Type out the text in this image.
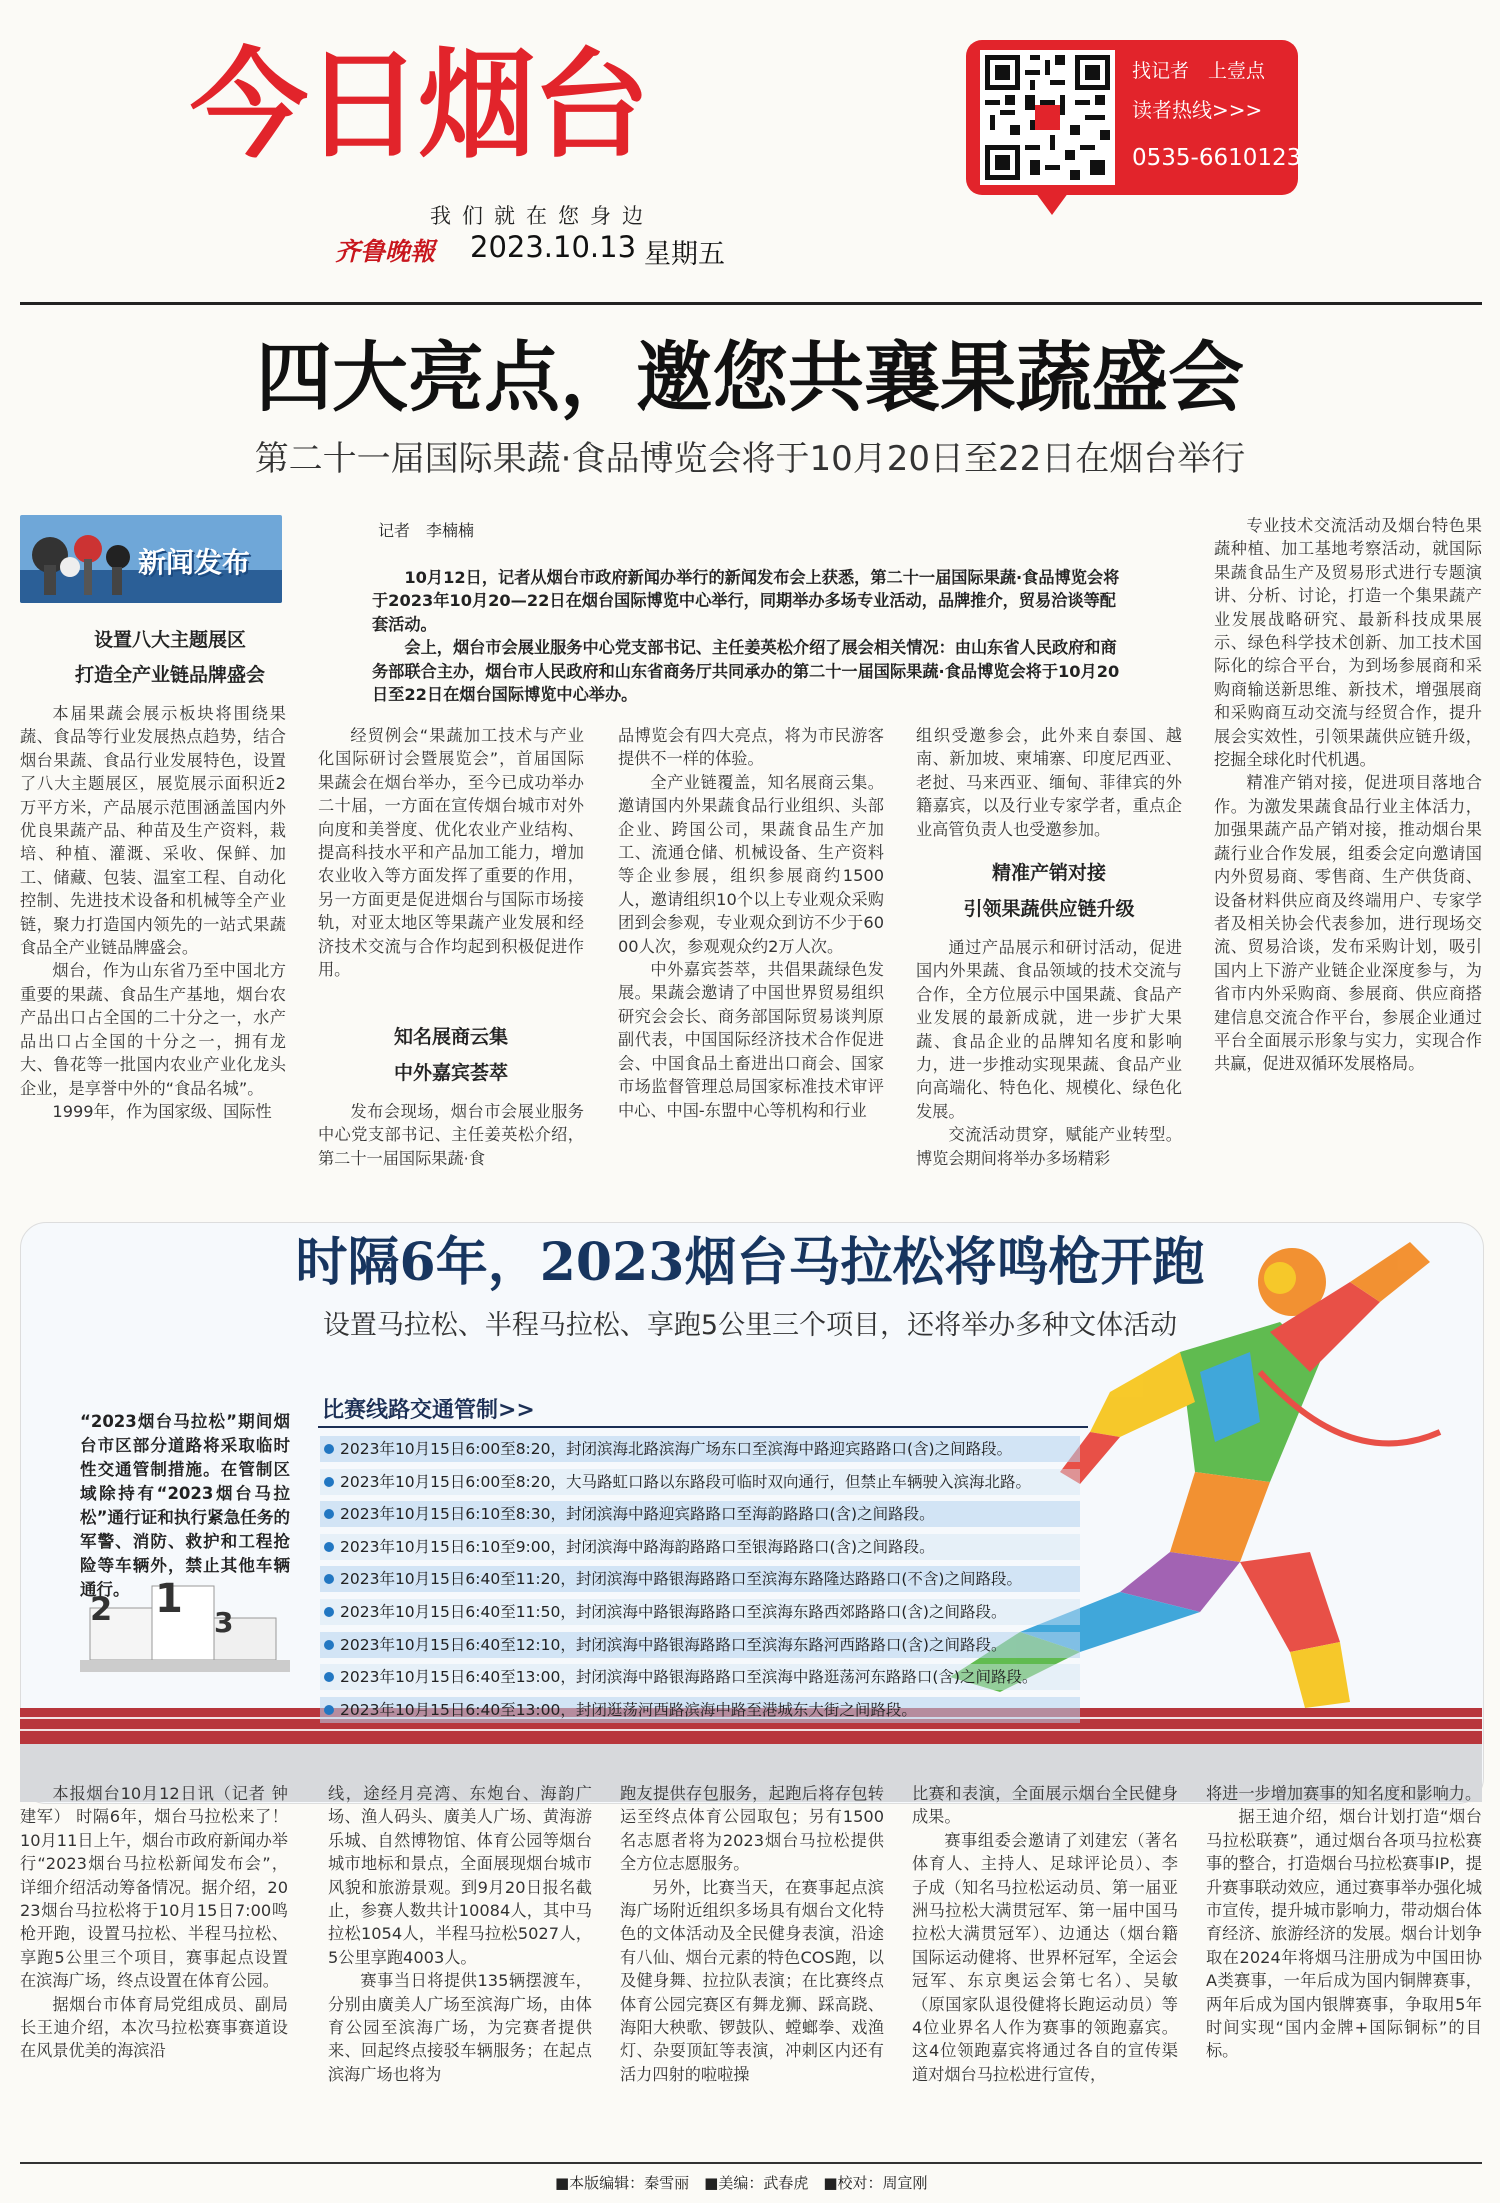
今日烟台
我们就在您身边
齐鲁晚報 2023.10.13 星期五
找记者　上壹点
读者热线>>>
0535-6610123
四大亮点，邀您共襄果蔬盛会
第二十一届国际果蔬·食品博览会将于10月20日至22日在烟台举行
新闻发布
记者　李楠楠

10月12日，记者从烟台市政府新闻办举行的新闻发布会上获悉，第二十一届国际果蔬·食品博览会将于2023年10月20—22日在烟台国际博览中心举行，同期举办多场专业活动，品牌推介，贸易洽谈等配套活动。

会上，烟台市会展业服务中心党支部书记、主任姜英松介绍了展会相关情况：由山东省人民政府和商务部联合主办，烟台市人民政府和山东省商务厅共同承办的第二十一届国际果蔬·食品博览会将于10月20日至22日在烟台国际博览中心举办。

设置八大主题展区
打造全产业链品牌盛会

本届果蔬会展示板块将围绕果蔬、食品等行业发展热点趋势，结合烟台果蔬、食品行业发展特色，设置了八大主题展区，展览展示面积近2万平方米，产品展示范围涵盖国内外优良果蔬产品、种苗及生产资料，栽培、种植、灌溉、采收、保鲜、加工、储藏、包装、温室工程、自动化控制、先进技术设备和机械等全产业链，聚力打造国内领先的一站式果蔬食品全产业链品牌盛会。

烟台，作为山东省乃至中国北方重要的果蔬、食品生产基地，烟台农产品出口占全国的二十分之一，水产品出口占全国的十分之一，拥有龙大、鲁花等一批国内农业产业化龙头企业，是享誉中外的“食品名城”。

1999年，作为国家级、国际性

经贸例会“果蔬加工技术与产业化国际研讨会暨展览会”，首届国际果蔬会在烟台举办，至今已成功举办二十届，一方面在宣传烟台城市对外向度和美誉度、优化农业产业结构、提高科技水平和产品加工能力，增加农业收入等方面发挥了重要的作用，另一方面更是促进烟台与国际市场接轨，对亚太地区等果蔬产业发展和经济技术交流与合作均起到积极促进作用。

知名展商云集
中外嘉宾荟萃

发布会现场，烟台市会展业服务中心党支部书记、主任姜英松介绍，第二十一届国际果蔬·食

品博览会有四大亮点，将为市民游客提供不一样的体验。

全产业链覆盖，知名展商云集。邀请国内外果蔬食品行业组织、头部企业、跨国公司，果蔬食品生产加工、流通仓储、机械设备、生产资料等企业参展，组织参展商约1500人，邀请组织10个以上专业观众采购团到会参观，专业观众到访不少于6000人次，参观观众约2万人次。

中外嘉宾荟萃，共倡果蔬绿色发展。果蔬会邀请了中国世界贸易组织研究会会长、商务部国际贸易谈判原副代表，中国国际经济技术合作促进会、中国食品土畜进出口商会、国家市场监督管理总局国家标准技术审评中心、中国-东盟中心等机构和行业

组织受邀参会，此外来自泰国、越南、新加坡、柬埔寨、印度尼西亚、老挝、马来西亚、缅甸、菲律宾的外籍嘉宾，以及行业专家学者，重点企业高管负责人也受邀参加。

精准产销对接
引领果蔬供应链升级

通过产品展示和研讨活动，促进国内外果蔬、食品领域的技术交流与合作，全方位展示中国果蔬、食品产业发展的最新成就，进一步扩大果蔬、食品企业的品牌知名度和影响力，进一步推动实现果蔬、食品产业向高端化、特色化、规模化、绿色化发展。

交流活动贯穿，赋能产业转型。博览会期间将举办多场精彩

专业技术交流活动及烟台特色果蔬种植、加工基地考察活动，就国际果蔬食品生产及贸易形式进行专题演讲、分析、讨论，打造一个集果蔬产业发展战略研究、最新科技成果展示、绿色科学技术创新、加工技术国际化的综合平台，为到场参展商和采购商输送新思维、新技术，增强展商和采购商互动交流与经贸合作，提升展会实效性，引领果蔬供应链升级，挖掘全球化时代机遇。

精准产销对接，促进项目落地合作。为激发果蔬食品行业主体活力，加强果蔬产品产销对接，推动烟台果蔬行业合作发展，组委会定向邀请国内外贸易商、零售商、生产供货商、设备材料供应商及终端用户、专家学者及相关协会代表参加，进行现场交流、贸易洽谈，发布采购计划，吸引国内上下游产业链企业深度参与，为省市内外采购商、参展商、供应商搭建信息交流合作平台，参展企业通过平台全面展示形象与实力，实现合作共赢，促进双循环发展格局。

时隔6年，2023烟台马拉松将鸣枪开跑
设置马拉松、半程马拉松、享跑5公里三个项目，还将举办多种文体活动
“2023烟台马拉松”期间烟台市区部分道路将采取临时性交通管制措施。在管制区域除持有“2023烟台马拉松”通行证和执行紧急任务的军警、消防、救护和工程抢险等车辆外，禁止其他车辆通行。
2 1
3
比赛线路交通管制>>
2023年10月15日6:00至8:20，封闭滨海北路滨海广场东口至滨海中路迎宾路路口(含)之间路段。
2023年10月15日6:00至8:20，大马路虹口路以东路段可临时双向通行，但禁止车辆驶入滨海北路。
2023年10月15日6:10至8:30，封闭滨海中路迎宾路路口至海韵路路口(含)之间路段。
2023年10月15日6:10至9:00，封闭滨海中路海韵路路口至银海路路口(含)之间路段。
2023年10月15日6:40至11:20，封闭滨海中路银海路路口至滨海东路隆达路路口(不含)之间路段。
2023年10月15日6:40至11:50，封闭滨海中路银海路路口至滨海东路西郊路路口(含)之间路段。
2023年10月15日6:40至12:10，封闭滨海中路银海路路口至滨海东路河西路路口(含)之间路段。
2023年10月15日6:40至13:00，封闭滨海中路银海路路口至滨海中路逛荡河东路路口(含)之间路段。
2023年10月15日6:40至13:00，封闭逛荡河西路滨海中路至港城东大街之间路段。

本报烟台10月12日讯（记者 钟建军） 时隔6年，烟台马拉松来了！10月11日上午，烟台市政府新闻办举行“2023烟台马拉松新闻发布会”，详细介绍活动筹备情况。据介绍，2023烟台马拉松将于10月15日7:00鸣枪开跑，设置马拉松、半程马拉松、享跑5公里三个项目，赛事起点设置在滨海广场，终点设置在体育公园。

据烟台市体育局党组成员、副局长王迪介绍，本次马拉松赛事赛道设在风景优美的海滨沿

线，途经月亮湾、东炮台、海韵广场、渔人码头、廣美人广场、黄海游乐城、自然博物馆、体育公园等烟台城市地标和景点，全面展现烟台城市风貌和旅游景观。到9月20日报名截止，参赛人数共计10084人，其中马拉松1054人，半程马拉松5027人，5公里享跑4003人。

赛事当日将提供135辆摆渡车，分别由廣美人广场至滨海广场，由体育公园至滨海广场，为完赛者提供来、回起终点接驳车辆服务；在起点滨海广场也将为

跑友提供存包服务，起跑后将存包转运至终点体育公园取包；另有1500名志愿者将为2023烟台马拉松提供全方位志愿服务。

另外，比赛当天，在赛事起点滨海广场附近组织多场具有烟台文化特色的文体活动及全民健身表演，沿途有八仙、烟台元素的特色COS跑，以及健身舞、拉拉队表演；在比赛终点体育公园完赛区有舞龙狮、踩高跷、海阳大秧歌、锣鼓队、螳螂拳、戏渔灯、杂耍顶缸等表演，冲刺区内还有活力四射的啦啦操

比赛和表演，全面展示烟台全民健身成果。

赛事组委会邀请了刘建宏（著名体育人、主持人、足球评论员）、李子成（知名马拉松运动员、第一届亚洲马拉松大满贯冠军、第一届中国马拉松大满贯冠军）、边通达（烟台籍国际运动健将、世界杯冠军，全运会冠军、东京奥运会第七名）、吴敏（原国家队退役健将长跑运动员）等4位业界名人作为赛事的领跑嘉宾。这4位领跑嘉宾将通过各自的宣传渠道对烟台马拉松进行宣传，

将进一步增加赛事的知名度和影响力。

据王迪介绍，烟台计划打造“烟台马拉松联赛”，通过烟台各项马拉松赛事的整合，打造烟台马拉松赛事IP，提升赛事联动效应，通过赛事举办强化城市宣传，提升城市影响力，带动烟台体育经济、旅游经济的发展。烟台计划争取在2024年将烟马注册成为中国田协A类赛事，一年后成为国内铜牌赛事，两年后成为国内银牌赛事，争取用5年时间实现“国内金牌+国际铜标”的目标。

■本版编辑：秦雪丽　■美编：武春虎　■校对：周宣刚
